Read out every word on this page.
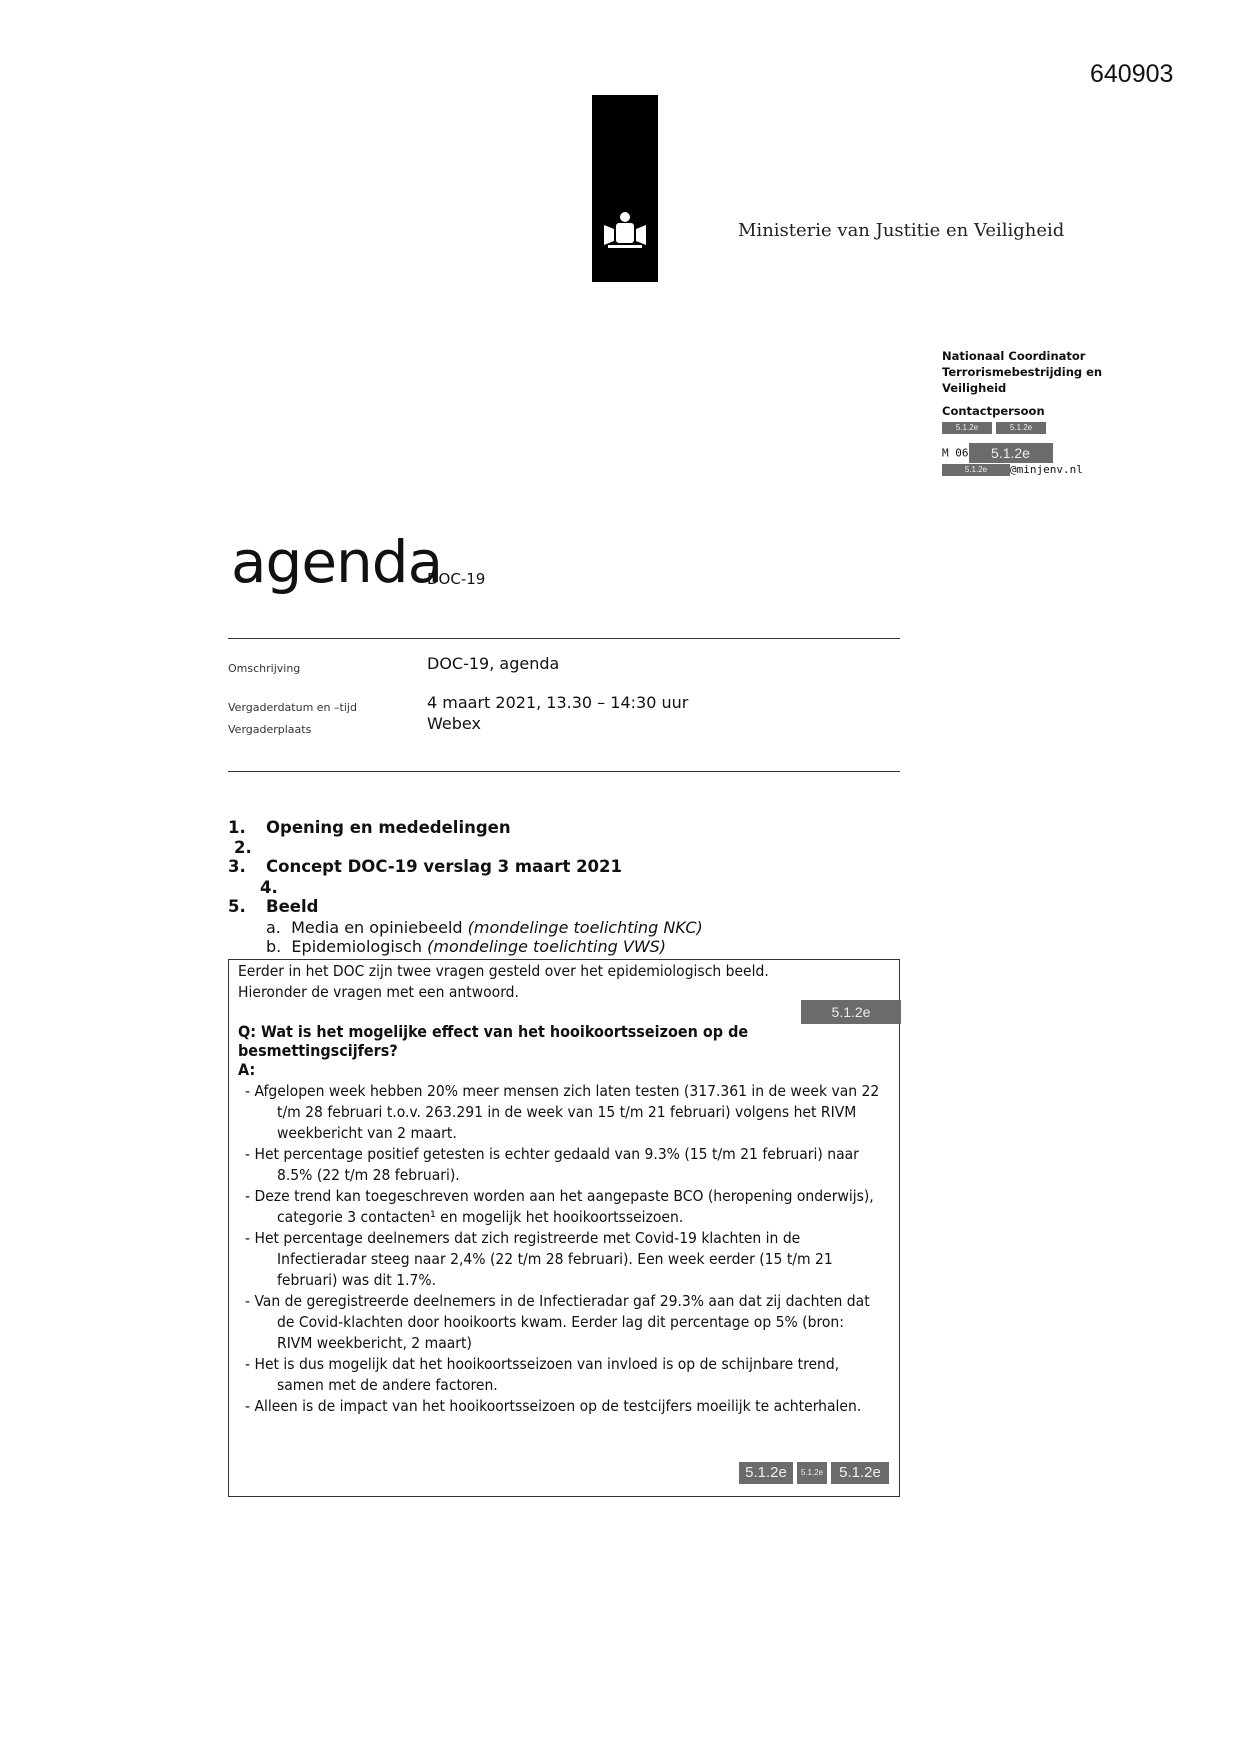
640903
Ministerie van Justitie en Veiligheid
Nationaal Coordinator
Terrorismebestrijding en
Veiligheid
Contactpersoon
5.1.2e	5.1.2e
M 06 5.1.2e
5.1.2e @minjenv.nl
agenda
DOC-19
Omschrijving	DOC-19, agenda
Vergaderdatum en –tijd	4 maart 2021, 13.30 – 14:30 uur
Vergaderplaats	Webex
1. Opening en mededelingen
2.
3. Concept DOC-19 verslag 3 maart 2021
4.
5. Beeld
a. Media en opiniebeeld (mondelinge toelichting NKC)
b. Epidemiologisch (mondelinge toelichting VWS)

Eerder in het DOC zijn twee vragen gesteld over het epidemiologisch beeld.

Hieronder de vragen met een antwoord.

5.1.2e

Q: Wat is het mogelijke effect van het hooikoortsseizoen op de besmettingscijfers?

A:

- Afgelopen week hebben 20% meer mensen zich laten testen (317.361 in de week van 22 t/m 28 februari t.o.v. 263.291 in de week van 15 t/m 21 februari) volgens het RIVM weekbericht van 2 maart.

- Het percentage positief getesten is echter gedaald van 9.3% (15 t/m 21 februari) naar 8.5% (22 t/m 28 februari).

- Deze trend kan toegeschreven worden aan het aangepaste BCO (heropening onderwijs), categorie 3 contacten¹ en mogelijk het hooikoortsseizoen.

- Het percentage deelnemers dat zich registreerde met Covid-19 klachten in de Infectieradar steeg naar 2,4% (22 t/m 28 februari). Een week eerder (15 t/m 21 februari) was dit 1.7%.

- Van de geregistreerde deelnemers in de Infectieradar gaf 29.3% aan dat zij dachten dat de Covid-klachten door hooikoorts kwam. Eerder lag dit percentage op 5% (bron: RIVM weekbericht, 2 maart)

- Het is dus mogelijk dat het hooikoortsseizoen van invloed is op de schijnbare trend, samen met de andere factoren.

- Alleen is de impact van het hooikoortsseizoen op de testcijfers moeilijk te achterhalen.

5.1.2e	5.1.2e	5.1.2e
